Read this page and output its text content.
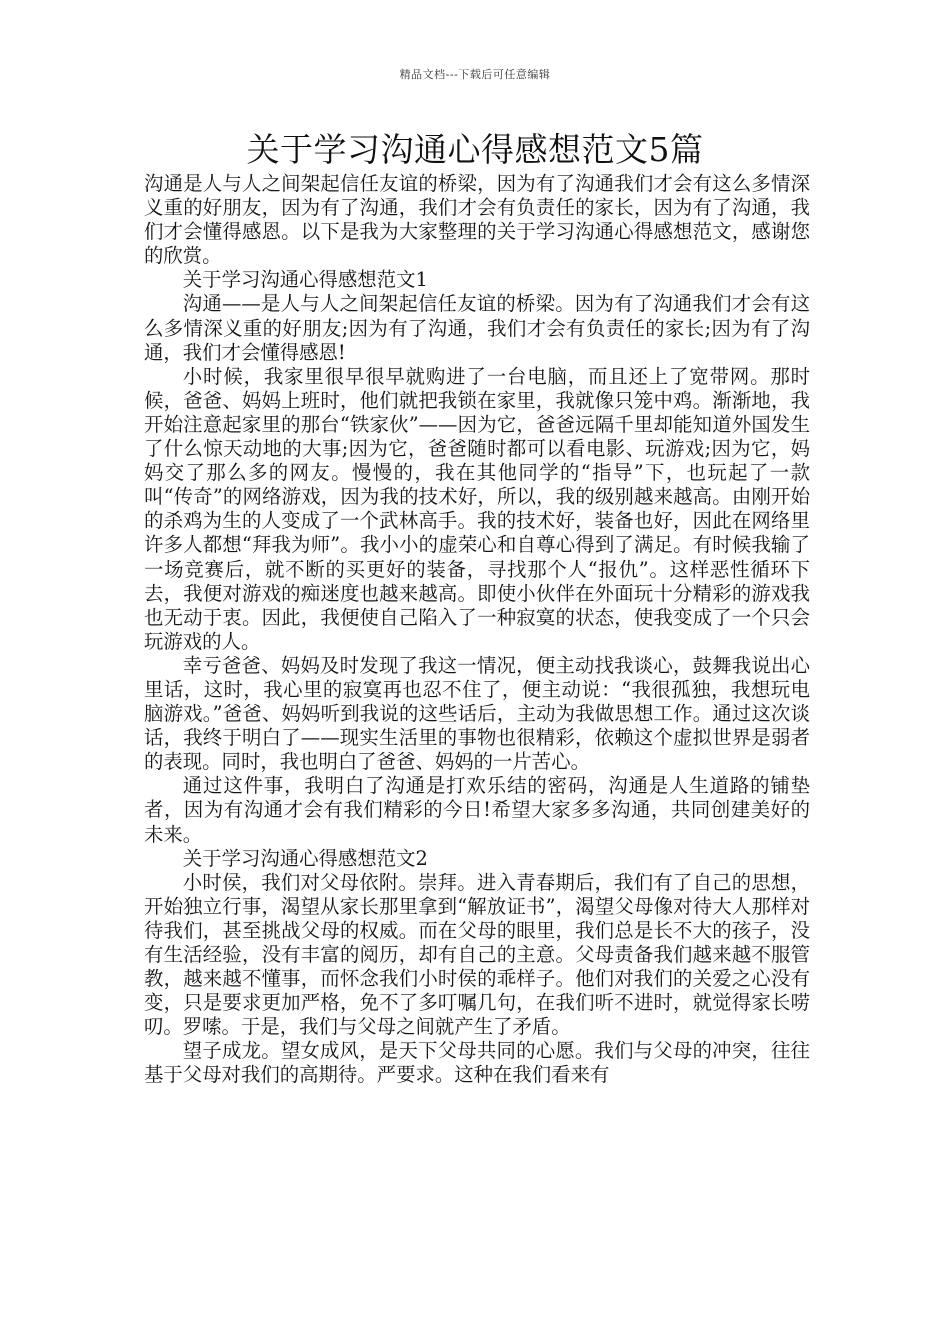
精品文档---下载后可任意编辑
关于学习沟通心得感想范文5篇

沟通是人与人之间架起信任友谊的桥梁，因为有了沟通我们才会有这么多情深义重的好朋友，因为有了沟通，我们才会有负责任的家长，因为有了沟通，我们才会懂得感恩。以下是我为大家整理的关于学习沟通心得感想范文，感谢您的欣赏。

关于学习沟通心得感想范文1

沟通——是人与人之间架起信任友谊的桥梁。因为有了沟通我们才会有这么多情深义重的好朋友;因为有了沟通，我们才会有负责任的家长;因为有了沟通，我们才会懂得感恩!

小时候，我家里很早很早就购进了一台电脑，而且还上了宽带网。那时候，爸爸、妈妈上班时，他们就把我锁在家里，我就像只笼中鸡。渐渐地，我开始注意起家里的那台“铁家伙”——因为它，爸爸远隔千里却能知道外国发生了什么惊天动地的大事;因为它，爸爸随时都可以看电影、玩游戏;因为它，妈妈交了那么多的网友。慢慢的，我在其他同学的“指导”下，也玩起了一款叫“传奇”的网络游戏，因为我的技术好，所以，我的级别越来越高。由刚开始的杀鸡为生的人变成了一个武林高手。我的技术好，装备也好，因此在网络里许多人都想“拜我为师”。我小小的虚荣心和自尊心得到了满足。有时候我输了一场竞赛后，就不断的买更好的装备，寻找那个人“报仇”。这样恶性循环下去，我便对游戏的痴迷度也越来越高。即使小伙伴在外面玩十分精彩的游戏我也无动于衷。因此，我便使自己陷入了一种寂寞的状态，使我变成了一个只会玩游戏的人。

幸亏爸爸、妈妈及时发现了我这一情况，便主动找我谈心，鼓舞我说出心里话，这时，我心里的寂寞再也忍不住了，便主动说：“我很孤独，我想玩电脑游戏。”爸爸、妈妈听到我说的这些话后，主动为我做思想工作。通过这次谈话，我终于明白了——现实生活里的事物也很精彩，依赖这个虚拟世界是弱者的表现。同时，我也明白了爸爸、妈妈的一片苦心。

通过这件事，我明白了沟通是打欢乐结的密码，沟通是人生道路的铺垫者，因为有沟通才会有我们精彩的今日!希望大家多多沟通，共同创建美好的未来。

关于学习沟通心得感想范文2

小时侯，我们对父母依附。崇拜。进入青春期后，我们有了自己的思想，开始独立行事，渴望从家长那里拿到“解放证书”，渴望父母像对待大人那样对待我们，甚至挑战父母的权威。而在父母的眼里，我们总是长不大的孩子，没有生活经验，没有丰富的阅历，却有自己的主意。父母责备我们越来越不服管教，越来越不懂事，而怀念我们小时侯的乖样子。他们对我们的关爱之心没有变，只是要求更加严格，免不了多叮嘱几句，在我们听不进时，就觉得家长唠叨。罗嗦。于是，我们与父母之间就产生了矛盾。

望子成龙。望女成风，是天下父母共同的心愿。我们与父母的冲突，往往基于父母对我们的高期待。严要求。这种在我们看来有
